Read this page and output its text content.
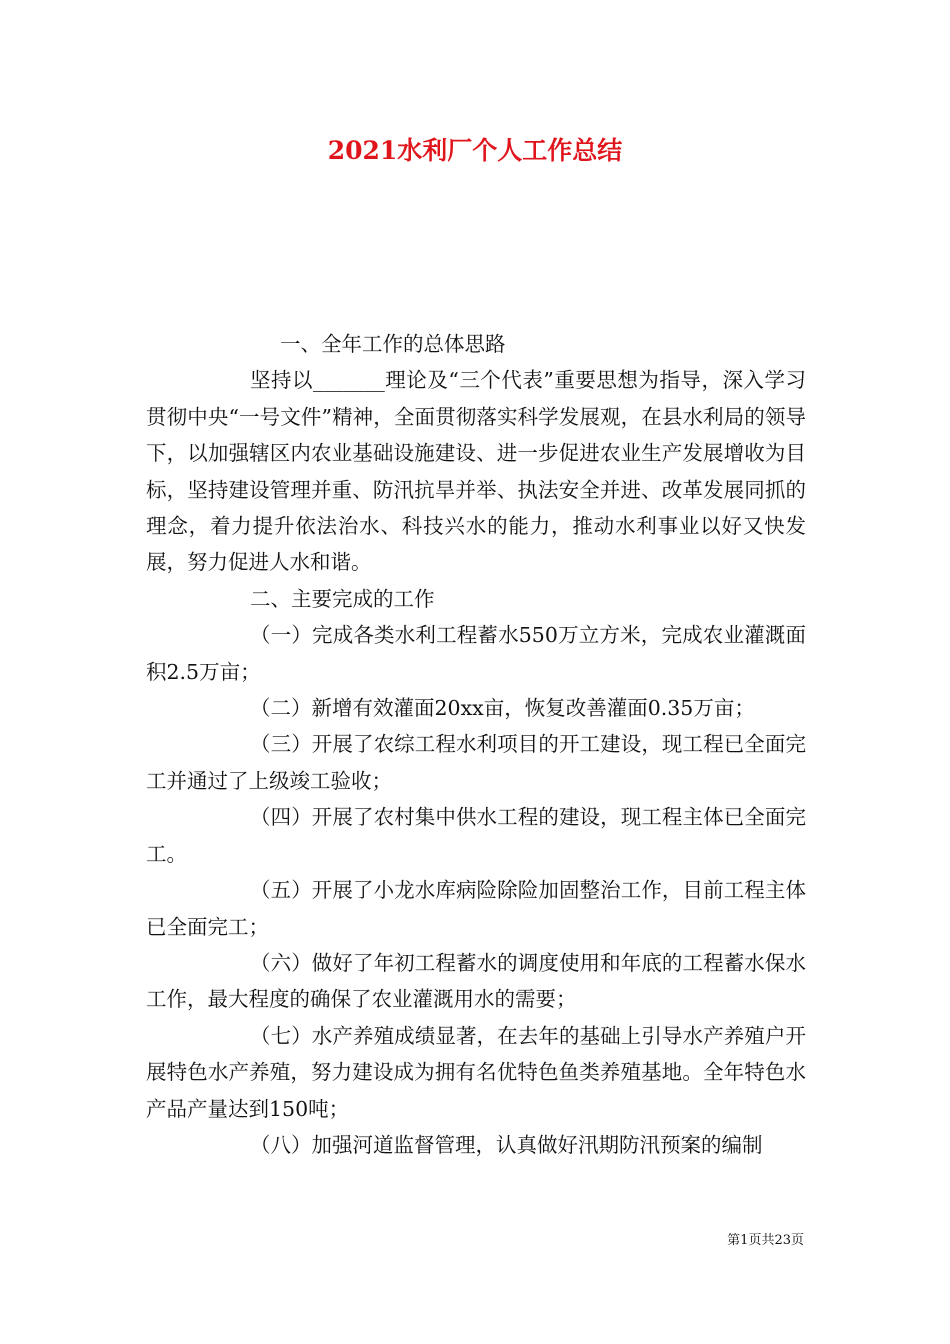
2021水利厂个人工作总结

一、全年工作的总体思路

坚持以_______理论及“三个代表”重要思想为指导，深入学习贯彻中央“一号文件”精神，全面贯彻落实科学发展观，在县水利局的领导下，以加强辖区内农业基础设施建设、进一步促进农业生产发展增收为目标，坚持建设管理并重、防汛抗旱并举、执法安全并进、改革发展同抓的理念，着力提升依法治水、科技兴水的能力，推动水利事业以好又快发展，努力促进人水和谐。

二、主要完成的工作

（一）完成各类水利工程蓄水550万立方米，完成农业灌溉面积2.5万亩；

（二）新增有效灌面20xx亩，恢复改善灌面0.35万亩；

（三）开展了农综工程水利项目的开工建设，现工程已全面完工并通过了上级竣工验收；

（四）开展了农村集中供水工程的建设，现工程主体已全面完工。

（五）开展了小龙水库病险除险加固整治工作，目前工程主体已全面完工；

（六）做好了年初工程蓄水的调度使用和年底的工程蓄水保水工作，最大程度的确保了农业灌溉用水的需要；

（七）水产养殖成绩显著，在去年的基础上引导水产养殖户开展特色水产养殖，努力建设成为拥有名优特色鱼类养殖基地。全年特色水产品产量达到150吨；

（八）加强河道监督管理，认真做好汛期防汛预案的编制

第1页共23页
